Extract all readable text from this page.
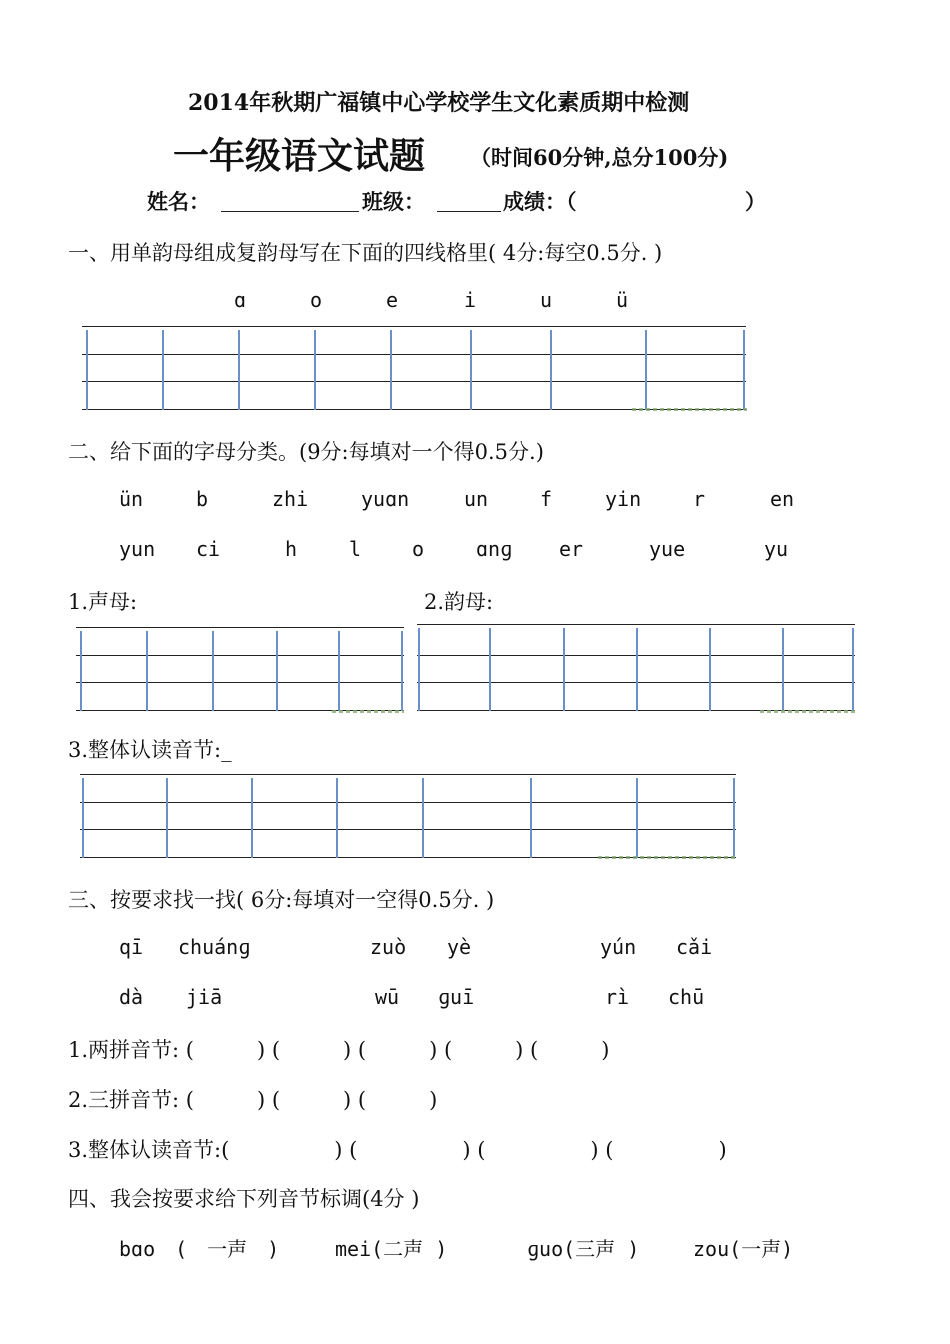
2014年秋期广福镇中心学校学生文化素质期中检测
一年级语文试题 （时间60分钟,总分100分)
姓名：	班级：	成绩：（	）
一、用单韵母组成复韵母写在下面的四线格里( 4分:每空0.5分. )
ɑ	o	e	i	u	ü
二、给下面的字母分类。(9分:每填对一个得0.5分.)
ün	b	zhi	yuɑn	un	f	yin	r	en
yun ci	h	l	o	ɑnɡ er	yue	yu
1.声母:	2.韵母:
3.整体认读音节:_
三、按要求找一找( 6分:每填对一空得0.5分. )
qī chuánɡ	zuò yè	yún cǎi
dà jiā	wū ɡuī	rì chū
1.两拼音节: (　　　) (　　　) (　　　) (　　　) (　　　)
2.三拼音节: (　　　) (　　　) (　　　)
3.整体认读音节:(　　　　　) (　　　　　) (　　　　　) (　　　　　)
四、我会按要求给下列音节标调(4分 )
bɑo　(　一声　)	mei(二声 )	ɡuo(三声 )	zou(一声)
